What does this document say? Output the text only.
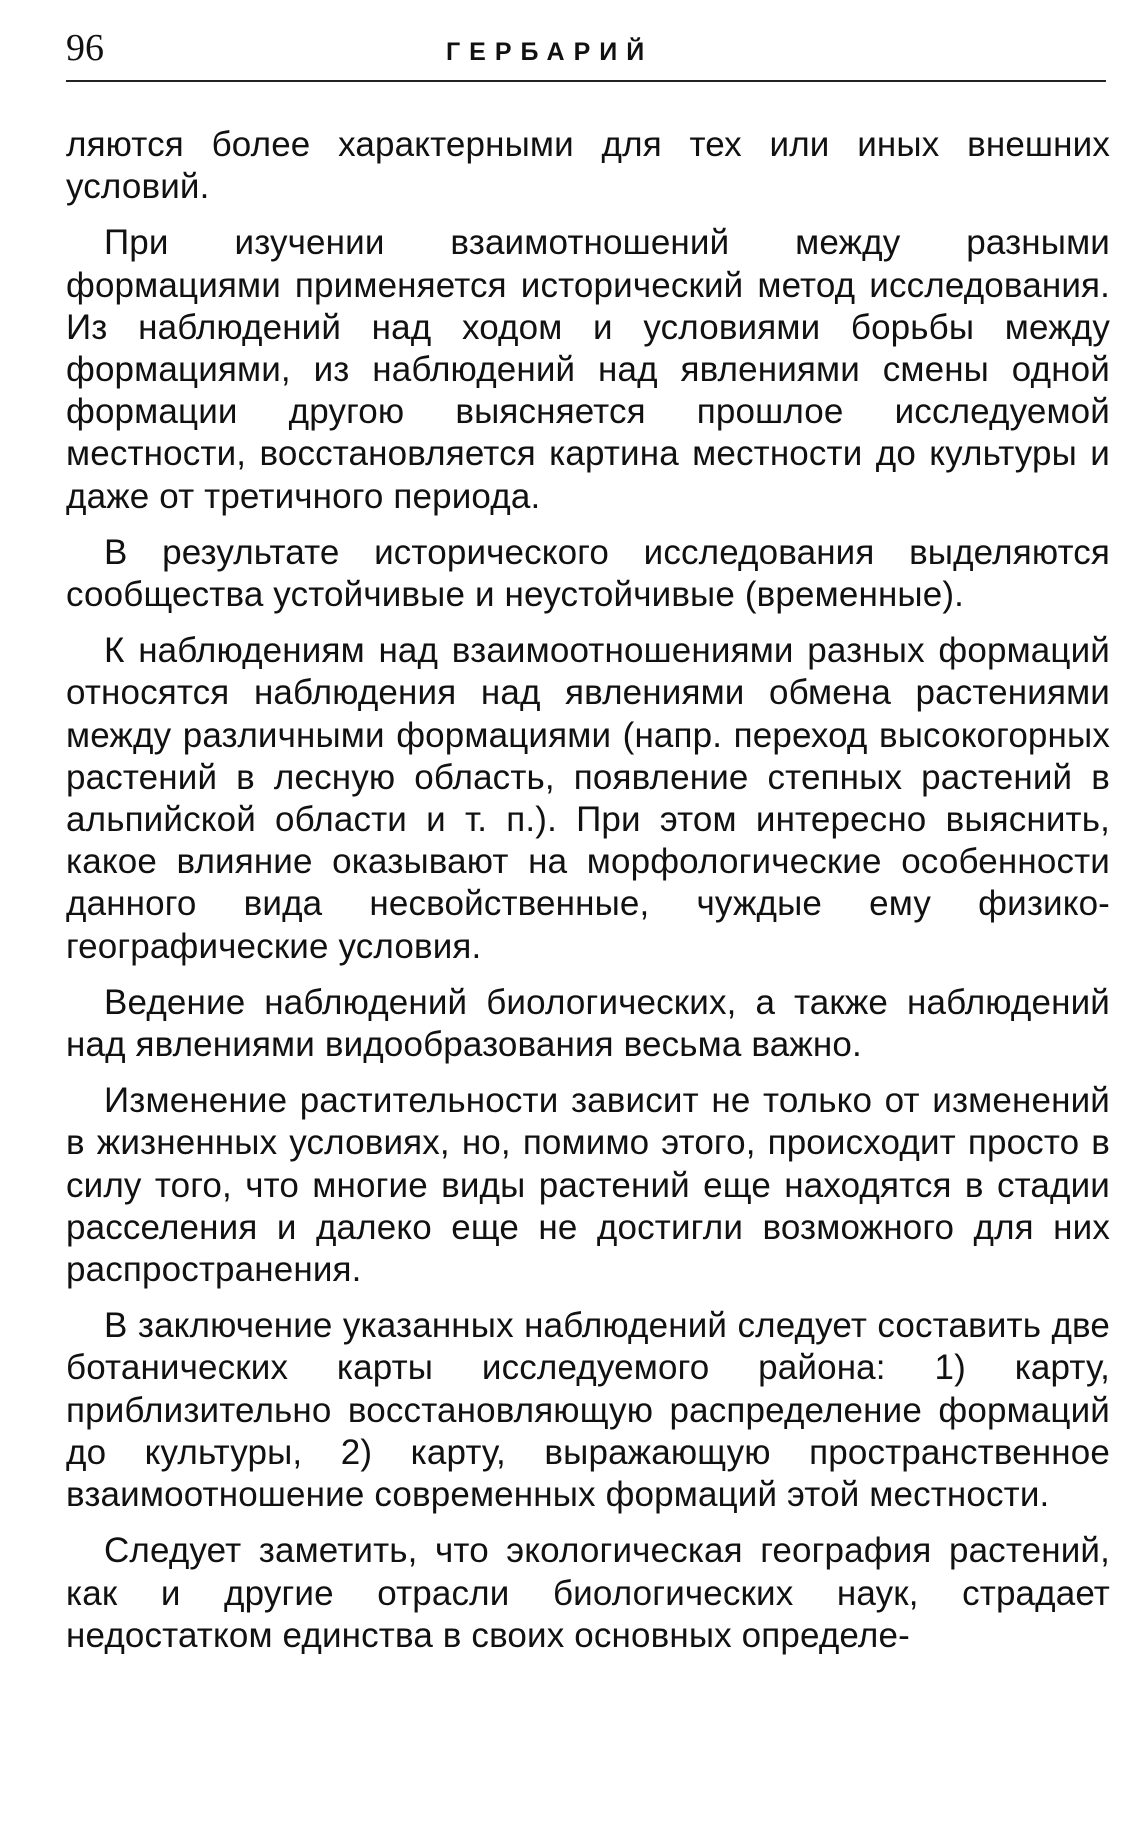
96	ГЕРБАРИЙ

ляются более характерными для тех или иных внешних условий.

При изучении взаимотношений между разными формациями применяется исторический метод исследования. Из наблюдений над ходом и условиями борьбы между формациями, из наблюдений над явлениями смены одной формации другою выясняется прошлое исследуемой местности, восстановляется картина местности до культуры и даже от третичного периода.

В результате исторического исследования выделяются сообщества устойчивые и неустойчивые (временные).

К наблюдениям над взаимоотношениями разных формаций относятся наблюдения над явлениями обмена растениями между различными формациями (напр. переход высокогорных растений в лесную область, появление степных растений в альпийской области и т. п.). При этом интересно выяснить, какое влияние оказывают на морфологические особенности данного вида несвойственные, чуждые ему физико-географические условия.

Ведение наблюдений биологических, а также наблюдений над явлениями видообразования весьма важно.

Изменение растительности зависит не только от изменений в жизненных условиях, но, помимо этого, происходит просто в силу того, что многие виды растений еще находятся в стадии расселения и далеко еще не достигли возможного для них распространения.

В заключение указанных наблюдений следует составить две ботанических карты исследуемого района: 1) карту, приблизительно восстановляющую распределение формаций до культуры, 2) карту, выражающую пространственное взаимоотношение современных формаций этой местности.

Следует заметить, что экологическая география растений, как и другие отрасли биологических наук, страдает недостатком единства в своих основных определе-
